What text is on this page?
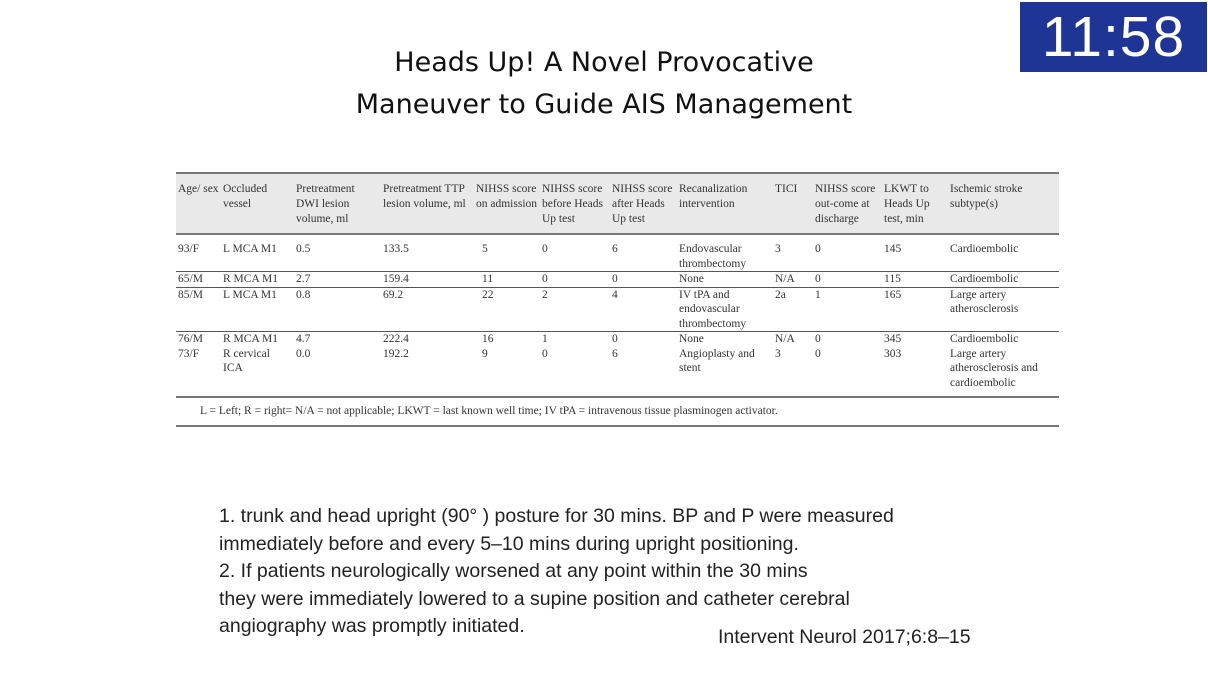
11:58
Heads Up! A Novel Provocative
Maneuver to Guide AIS Management
Age/ sex	Occluded vessel	Pretreatment DWI lesion volume, ml	Pretreatment TTP lesion volume, ml	NIHSS score on admission	NIHSS score before Heads Up test	NIHSS score after Heads Up test	Recanalization intervention	TICI	NIHSS score out-come at discharge	LKWT to Heads Up test, min	Ischemic stroke subtype(s)
93/F	L MCA M1	0.5	133.5	5	0	6	Endovascular thrombectomy	3	0	145	Cardioembolic
65/M	R MCA M1	2.7	159.4	11	0	0	None	N/A	0	115	Cardioembolic
85/M	L MCA M1	0.8	69.2	22	2	4	IV tPA and endovascular thrombectomy	2a	1	165	Large artery atherosclerosis
76/M	R MCA M1	4.7	222.4	16	1	0	None	N/A	0	345	Cardioembolic
73/F	R cervical ICA	0.0	192.2	9	0	6	Angioplasty and stent	3	0	303	Large artery atherosclerosis and cardioembolic
L = Left; R = right= N/A = not applicable; LKWT = last known well time; IV tPA = intravenous tissue plasminogen activator.
1. trunk and head upright (90° ) posture for 30 mins. BP and P were measured
immediately before and every 5–10 mins during upright positioning.
2. If patients neurologically worsened at any point within the 30 mins
they were immediately lowered to a supine position and catheter cerebral
angiography was promptly initiated.	Intervent Neurol 2017;6:8–15
